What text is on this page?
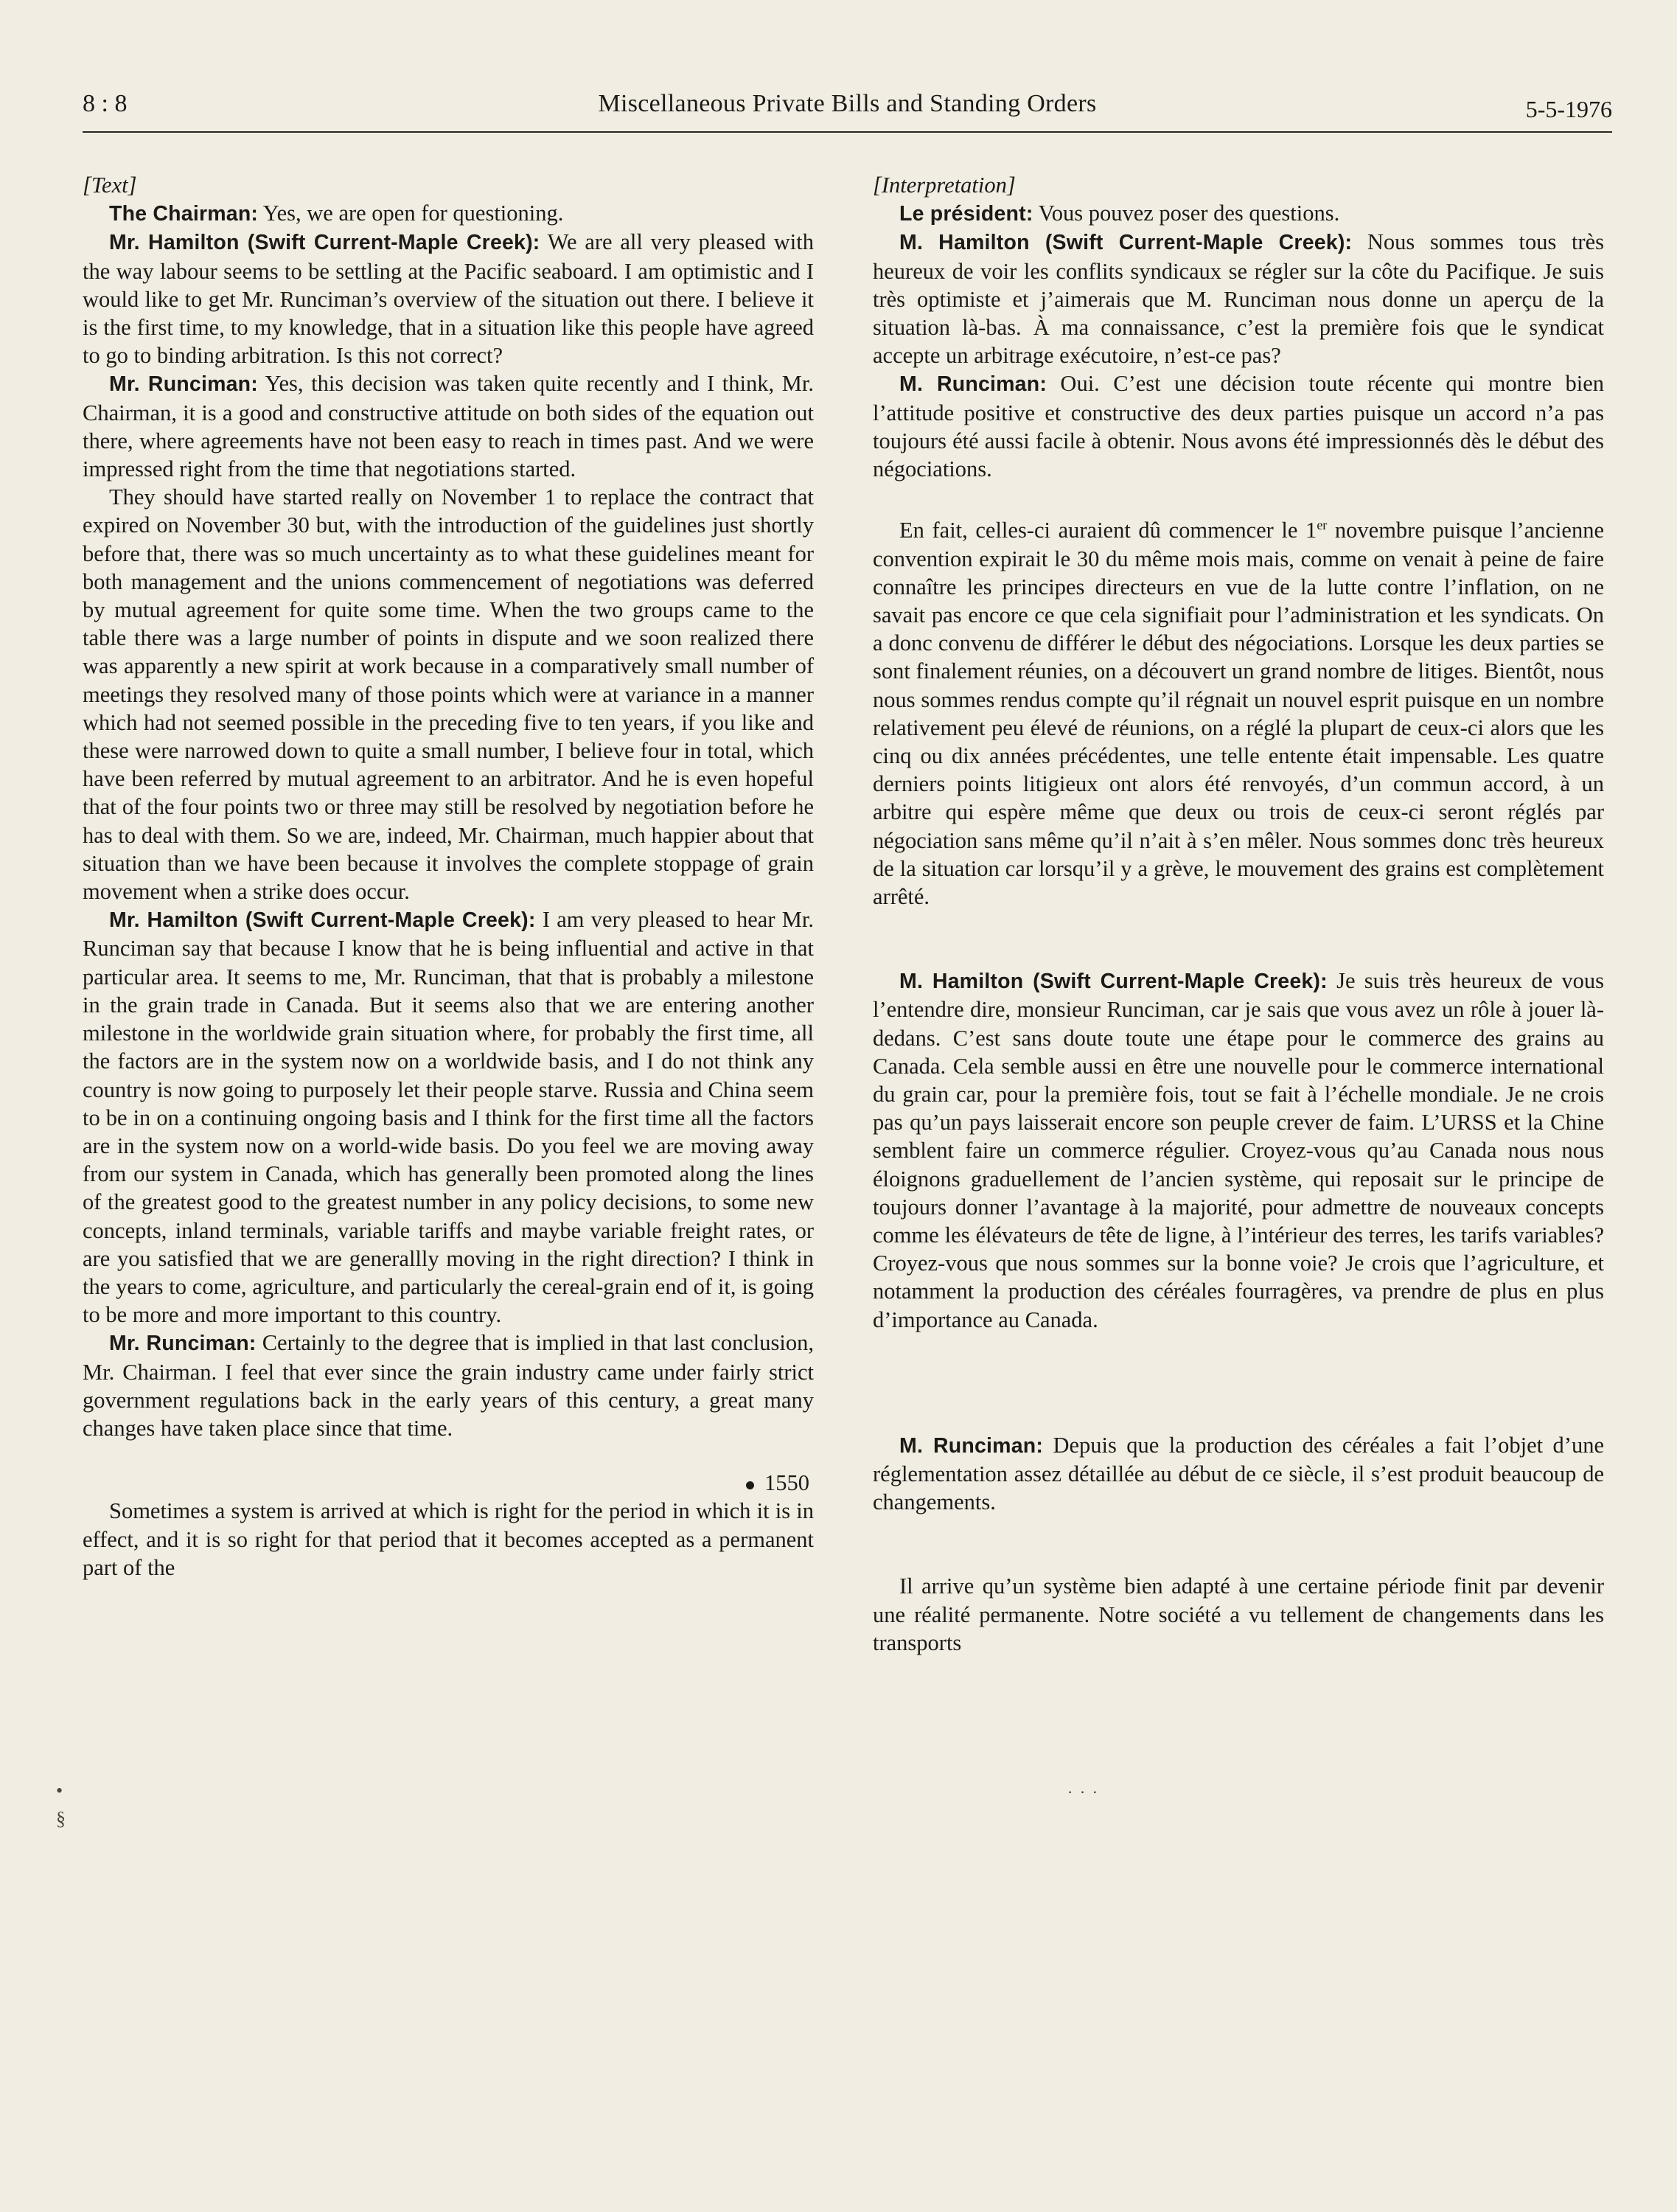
8 : 8	Miscellaneous Private Bills and Standing Orders	5-5-1976

[Text]

The Chairman: Yes, we are open for questioning.

Mr. Hamilton (Swift Current-Maple Creek): We are all very pleased with the way labour seems to be settling at the Pacific seaboard. I am optimistic and I would like to get Mr. Runciman’s overview of the situation out there. I believe it is the first time, to my knowledge, that in a situation like this people have agreed to go to binding arbitration. Is this not correct?

Mr. Runciman: Yes, this decision was taken quite recently and I think, Mr. Chairman, it is a good and constructive attitude on both sides of the equation out there, where agreements have not been easy to reach in times past. And we were impressed right from the time that negotiations started.

They should have started really on November 1 to replace the contract that expired on November 30 but, with the introduction of the guidelines just shortly before that, there was so much uncertainty as to what these guidelines meant for both management and the unions commencement of negotiations was deferred by mutual agreement for quite some time. When the two groups came to the table there was a large number of points in dispute and we soon realized there was apparently a new spirit at work because in a comparatively small number of meetings they resolved many of those points which were at variance in a manner which had not seemed possible in the preceding five to ten years, if you like and these were narrowed down to quite a small number, I believe four in total, which have been referred by mutual agreement to an arbitrator. And he is even hopeful that of the four points two or three may still be resolved by negotiation before he has to deal with them. So we are, indeed, Mr. Chairman, much happier about that situation than we have been because it involves the complete stoppage of grain movement when a strike does occur.

Mr. Hamilton (Swift Current-Maple Creek): I am very pleased to hear Mr. Runciman say that because I know that he is being influential and active in that particular area. It seems to me, Mr. Runciman, that that is probably a milestone in the grain trade in Canada. But it seems also that we are entering another milestone in the worldwide grain situation where, for probably the first time, all the factors are in the system now on a worldwide basis, and I do not think any country is now going to purposely let their people starve. Russia and China seem to be in on a continuing ongoing basis and I think for the first time all the factors are in the system now on a world-wide basis. Do you feel we are moving away from our system in Canada, which has generally been promoted along the lines of the greatest good to the greatest number in any policy decisions, to some new concepts, inland terminals, variable tariffs and maybe variable freight rates, or are you satisfied that we are generallly moving in the right direction? I think in the years to come, agriculture, and particularly the cereal-grain end of it, is going to be more and more important to this country.

Mr. Runciman: Certainly to the degree that is implied in that last conclusion, Mr. Chairman. I feel that ever since the grain industry came under fairly strict government regulations back in the early years of this century, a great many changes have taken place since that time.

1550

Sometimes a system is arrived at which is right for the period in which it is in effect, and it is so right for that period that it becomes accepted as a permanent part of the

[Interpretation]

Le président: Vous pouvez poser des questions.

M. Hamilton (Swift Current-Maple Creek): Nous sommes tous très heureux de voir les conflits syndicaux se régler sur la côte du Pacifique. Je suis très optimiste et j’aimerais que M. Runciman nous donne un aperçu de la situation là-bas. À ma connaissance, c’est la première fois que le syndicat accepte un arbitrage exécutoire, n’est-ce pas?

M. Runciman: Oui. C’est une décision toute récente qui montre bien l’attitude positive et constructive des deux parties puisque un accord n’a pas toujours été aussi facile à obtenir. Nous avons été impressionnés dès le début des négociations.

En fait, celles-ci auraient dû commencer le 1er novembre puisque l’ancienne convention expirait le 30 du même mois mais, comme on venait à peine de faire connaître les principes directeurs en vue de la lutte contre l’inflation, on ne savait pas encore ce que cela signifiait pour l’administration et les syndicats. On a donc convenu de différer le début des négociations. Lorsque les deux parties se sont finalement réunies, on a découvert un grand nombre de litiges. Bientôt, nous nous sommes rendus compte qu’il régnait un nouvel esprit puisque en un nombre relativement peu élevé de réunions, on a réglé la plupart de ceux-ci alors que les cinq ou dix années précédentes, une telle entente était impensable. Les quatre derniers points litigieux ont alors été renvoyés, d’un commun accord, à un arbitre qui espère même que deux ou trois de ceux-ci seront réglés par négociation sans même qu’il n’ait à s’en mêler. Nous sommes donc très heureux de la situation car lorsqu’il y a grève, le mouvement des grains est complètement arrêté.

M. Hamilton (Swift Current-Maple Creek): Je suis très heureux de vous l’entendre dire, monsieur Runciman, car je sais que vous avez un rôle à jouer là-dedans. C’est sans doute toute une étape pour le commerce des grains au Canada. Cela semble aussi en être une nouvelle pour le commerce international du grain car, pour la première fois, tout se fait à l’échelle mondiale. Je ne crois pas qu’un pays laisserait encore son peuple crever de faim. L’URSS et la Chine semblent faire un commerce régulier. Croyez-vous qu’au Canada nous nous éloignons graduellement de l’ancien système, qui reposait sur le principe de toujours donner l’avantage à la majorité, pour admettre de nouveaux concepts comme les élévateurs de tête de ligne, à l’intérieur des terres, les tarifs variables? Croyez-vous que nous sommes sur la bonne voie? Je crois que l’agriculture, et notamment la production des céréales fourragères, va prendre de plus en plus d’importance au Canada.

M. Runciman: Depuis que la production des céréales a fait l’objet d’une réglementation assez détaillée au début de ce siècle, il s’est produit beaucoup de changements.

Il arrive qu’un système bien adapté à une certaine période finit par devenir une réalité permanente. Notre société a vu tellement de changements dans les transports

· · ·
•
§
